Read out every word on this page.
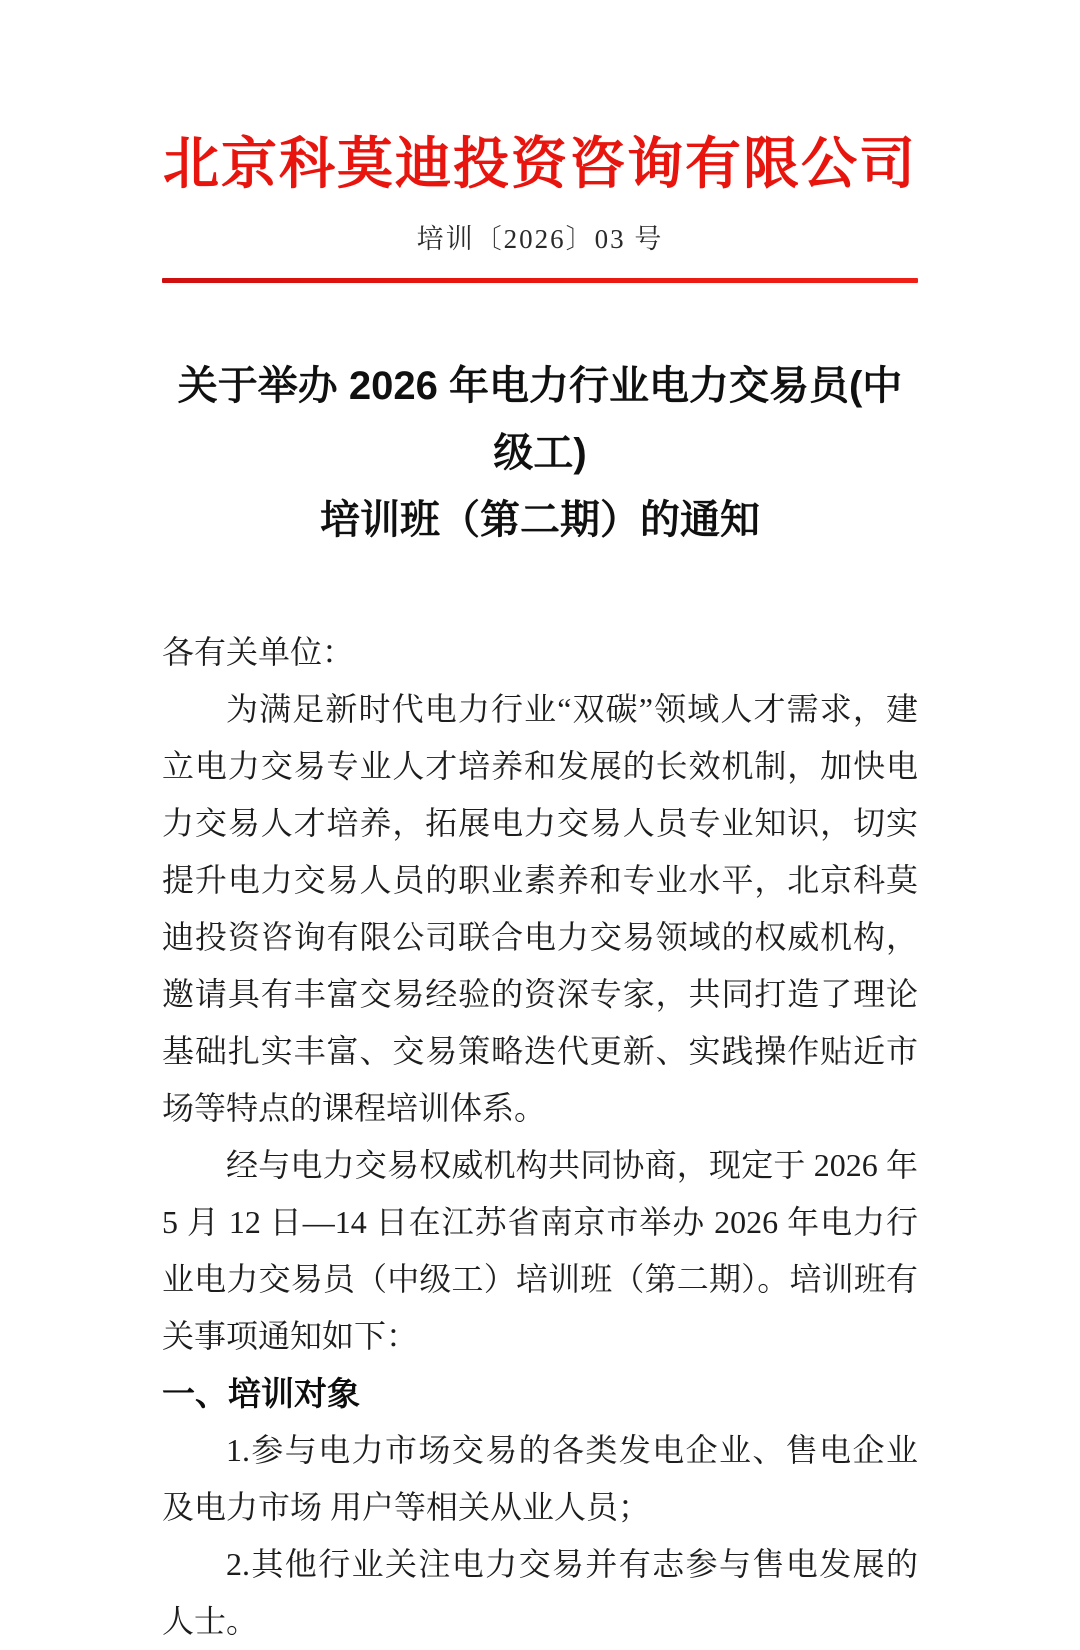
北京科莫迪投资咨询有限公司
培训〔2026〕03 号
关于举办 2026 年电力行业电力交易员(中级工)
培训班（第二期）的通知
各有关单位：
为满足新时代电力行业“双碳”领域人才需求，建立电力交易专业人才培养和发展的长效机制，加快电力交易人才培养，拓展电力交易人员专业知识，切实提升电力交易人员的职业素养和专业水平，北京科莫迪投资咨询有限公司联合电力交易领域的权威机构，邀请具有丰富交易经验的资深专家，共同打造了理论基础扎实丰富、交易策略迭代更新、实践操作贴近市场等特点的课程培训体系。
经与电力交易权威机构共同协商，现定于 2026 年 5 月 12 日—14 日在江苏省南京市举办 2026 年电力行业电力交易员（中级工）培训班（第二期）。培训班有关事项通知如下：
一、培训对象
1.参与电力市场交易的各类发电企业、售电企业及电力市场 用户等相关从业人员；
2.其他行业关注电力交易并有志参与售电发展的人士。
